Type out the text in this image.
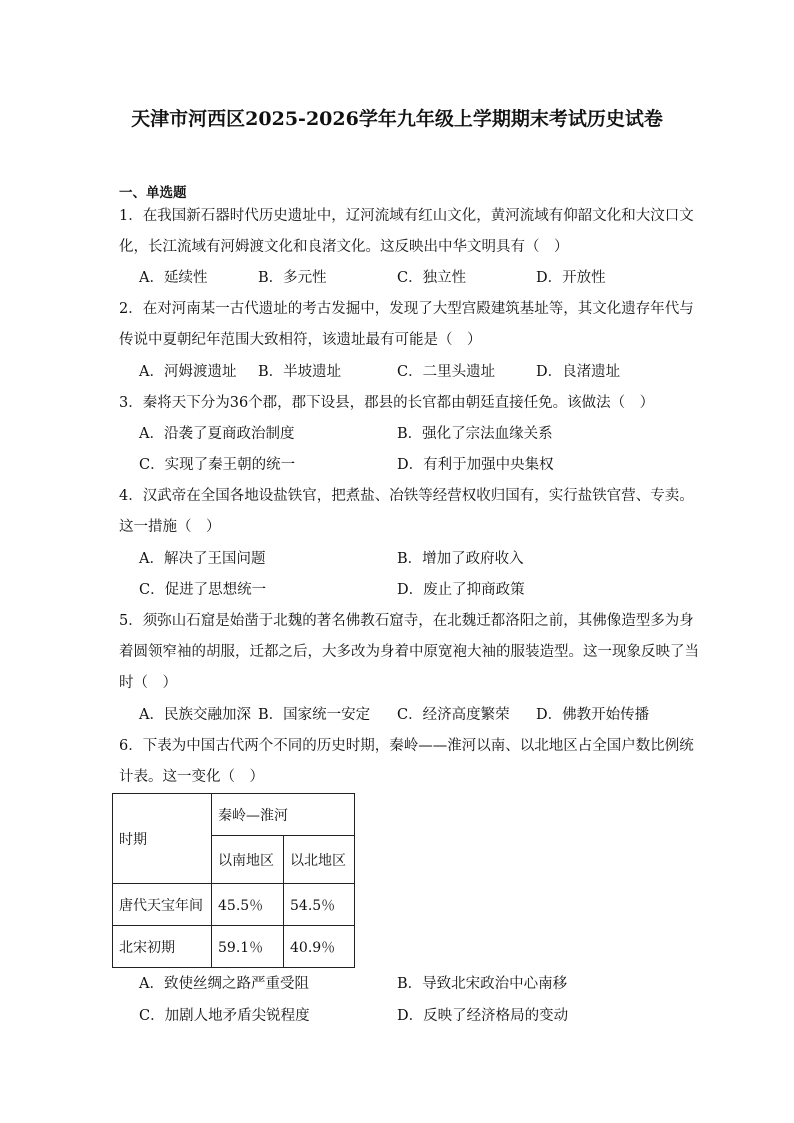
天津市河西区2025-2026学年九年级上学期期末考试历史试卷
一、单选题
1．在我国新石器时代历史遗址中，辽河流域有红山文化，黄河流域有仰韶文化和大汶口文
化，长江流域有河姆渡文化和良渚文化。这反映出中华文明具有（　）
A．延续性	B．多元性	C．独立性	D．开放性
2．在对河南某一古代遗址的考古发掘中，发现了大型宫殿建筑基址等，其文化遗存年代与
传说中夏朝纪年范围大致相符，该遗址最有可能是（　）
A．河姆渡遗址 B．半坡遗址	C．二里头遗址	D．良渚遗址
3．秦将天下分为36个郡，郡下设县，郡县的长官都由朝廷直接任免。该做法（　）
A．沿袭了夏商政治制度	B．强化了宗法血缘关系
C．实现了秦王朝的统一	D．有利于加强中央集权
4．汉武帝在全国各地设盐铁官，把煮盐、冶铁等经营权收归国有，实行盐铁官营、专卖。
这一措施（　）
A．解决了王国问题	B．增加了政府收入
C．促进了思想统一	D．废止了抑商政策
5．须弥山石窟是始凿于北魏的著名佛教石窟寺，在北魏迁都洛阳之前，其佛像造型多为身
着圆领窄袖的胡服，迁都之后，大多改为身着中原宽袍大袖的服装造型。这一现象反映了当
时（　）
A．民族交融加深 B．国家统一安定 C．经济高度繁荣 D．佛教开始传播
6．下表为中国古代两个不同的历史时期，秦岭——淮河以南、以北地区占全国户数比例统
计表。这一变化（　）
时期	秦岭—淮河	
	以南地区	以北地区
唐代天宝年间	45.5％	54.5％
北宋初期	59.1％	40.9％
A．致使丝绸之路严重受阻	B．导致北宋政治中心南移
C．加剧人地矛盾尖锐程度	D．反映了经济格局的变动
